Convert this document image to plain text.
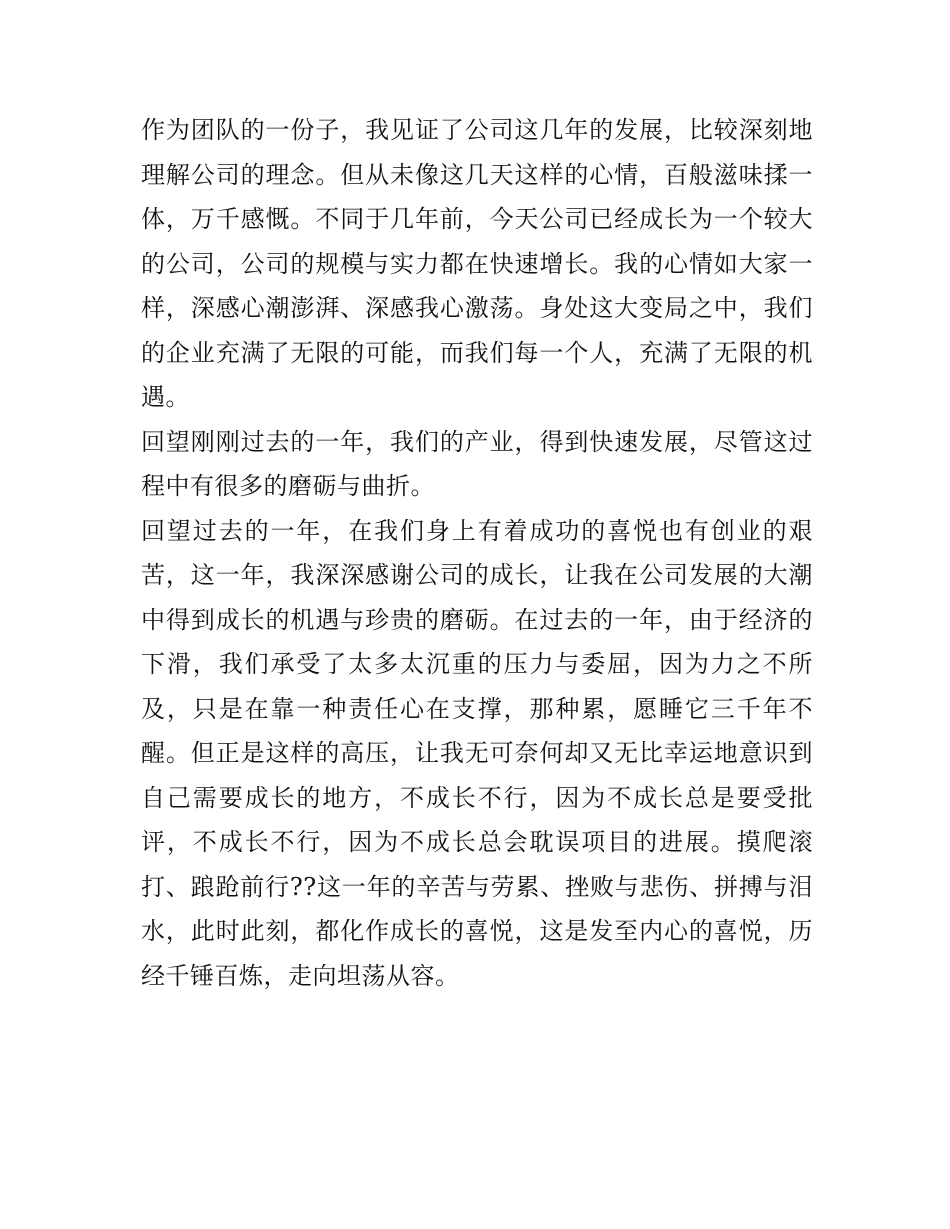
作为团队的一份子，我见证了公司这几年的发展，比较深刻地
理解公司的理念。但从未像这几天这样的心情，百般滋味揉一
体，万千感慨。不同于几年前，今天公司已经成长为一个较大
的公司，公司的规模与实力都在快速增长。我的心情如大家一
样，深感心潮澎湃、深感我心激荡。身处这大变局之中，我们
的企业充满了无限的可能，而我们每一个人，充满了无限的机
遇。
回望刚刚过去的一年，我们的产业，得到快速发展，尽管这过
程中有很多的磨砺与曲折。
回望过去的一年，在我们身上有着成功的喜悦也有创业的艰
苦，这一年，我深深感谢公司的成长，让我在公司发展的大潮
中得到成长的机遇与珍贵的磨砺。在过去的一年，由于经济的
下滑，我们承受了太多太沉重的压力与委屈，因为力之不所
及，只是在靠一种责任心在支撑，那种累，愿睡它三千年不
醒。但正是这样的高压，让我无可奈何却又无比幸运地意识到
自己需要成长的地方，不成长不行，因为不成长总是要受批
评，不成长不行，因为不成长总会耽误项目的进展。摸爬滚
打、踉跄前行??这一年的辛苦与劳累、挫败与悲伤、拼搏与泪
水，此时此刻，都化作成长的喜悦，这是发至内心的喜悦，历
经千锤百炼，走向坦荡从容。
